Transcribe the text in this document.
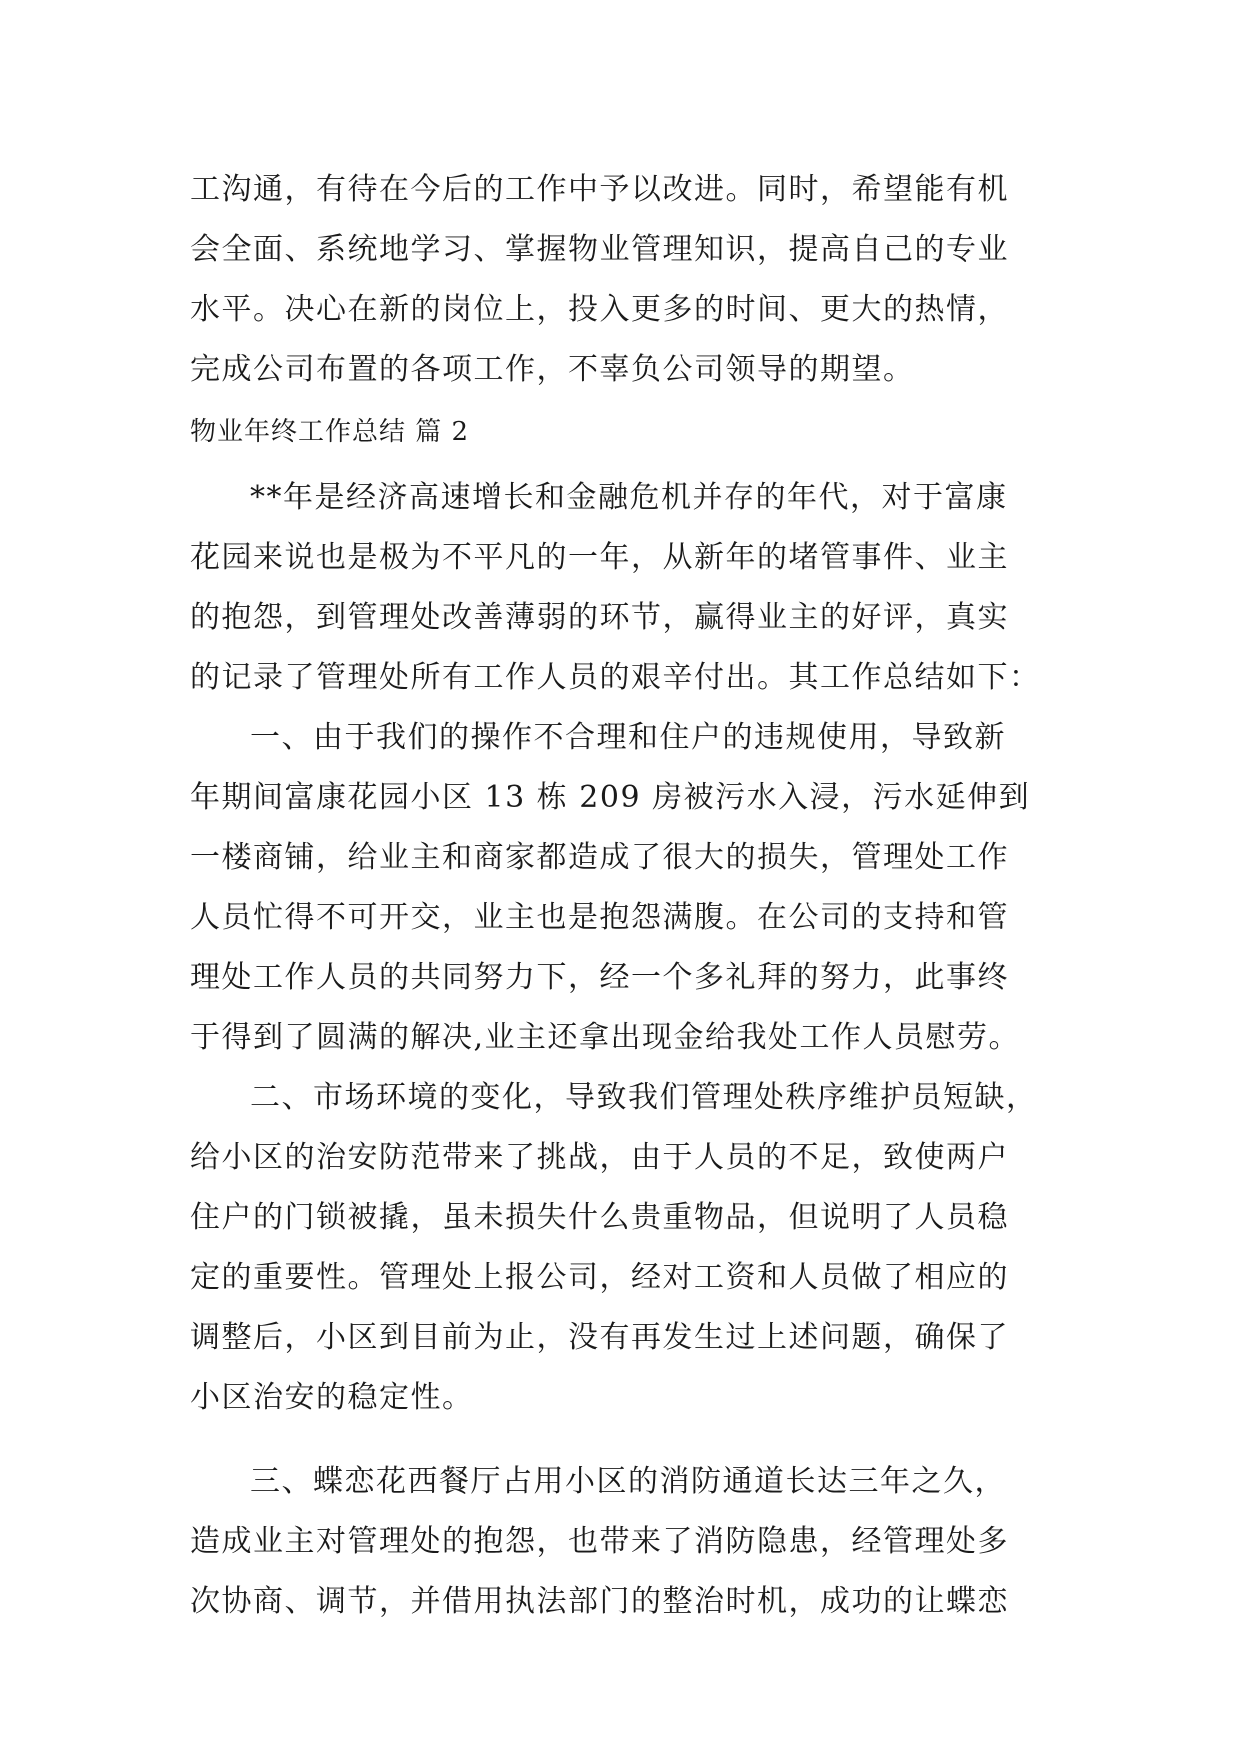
工沟通，有待在今后的工作中予以改进。同时，希望能有机
会全面、系统地学习、掌握物业管理知识，提高自己的专业
水平。决心在新的岗位上，投入更多的时间、更大的热情，
完成公司布置的各项工作，不辜负公司领导的期望。
物业年终工作总结 篇 2
**年是经济高速增长和金融危机并存的年代，对于富康
花园来说也是极为不平凡的一年，从新年的堵管事件、业主
的抱怨，到管理处改善薄弱的环节，赢得业主的好评，真实
的记录了管理处所有工作人员的艰辛付出。其工作总结如下：
一、由于我们的操作不合理和住户的违规使用，导致新
年期间富康花园小区 13 栋 209 房被污水入浸，污水延伸到
一楼商铺，给业主和商家都造成了很大的损失，管理处工作
人员忙得不可开交，业主也是抱怨满腹。在公司的支持和管
理处工作人员的共同努力下，经一个多礼拜的努力，此事终
于得到了圆满的解决,业主还拿出现金给我处工作人员慰劳。
二、市场环境的变化，导致我们管理处秩序维护员短缺，
给小区的治安防范带来了挑战，由于人员的不足，致使两户
住户的门锁被撬，虽未损失什么贵重物品，但说明了人员稳
定的重要性。管理处上报公司，经对工资和人员做了相应的
调整后，小区到目前为止，没有再发生过上述问题，确保了
小区治安的稳定性。
三、蝶恋花西餐厅占用小区的消防通道长达三年之久，
造成业主对管理处的抱怨，也带来了消防隐患，经管理处多
次协商、调节，并借用执法部门的整治时机，成功的让蝶恋
